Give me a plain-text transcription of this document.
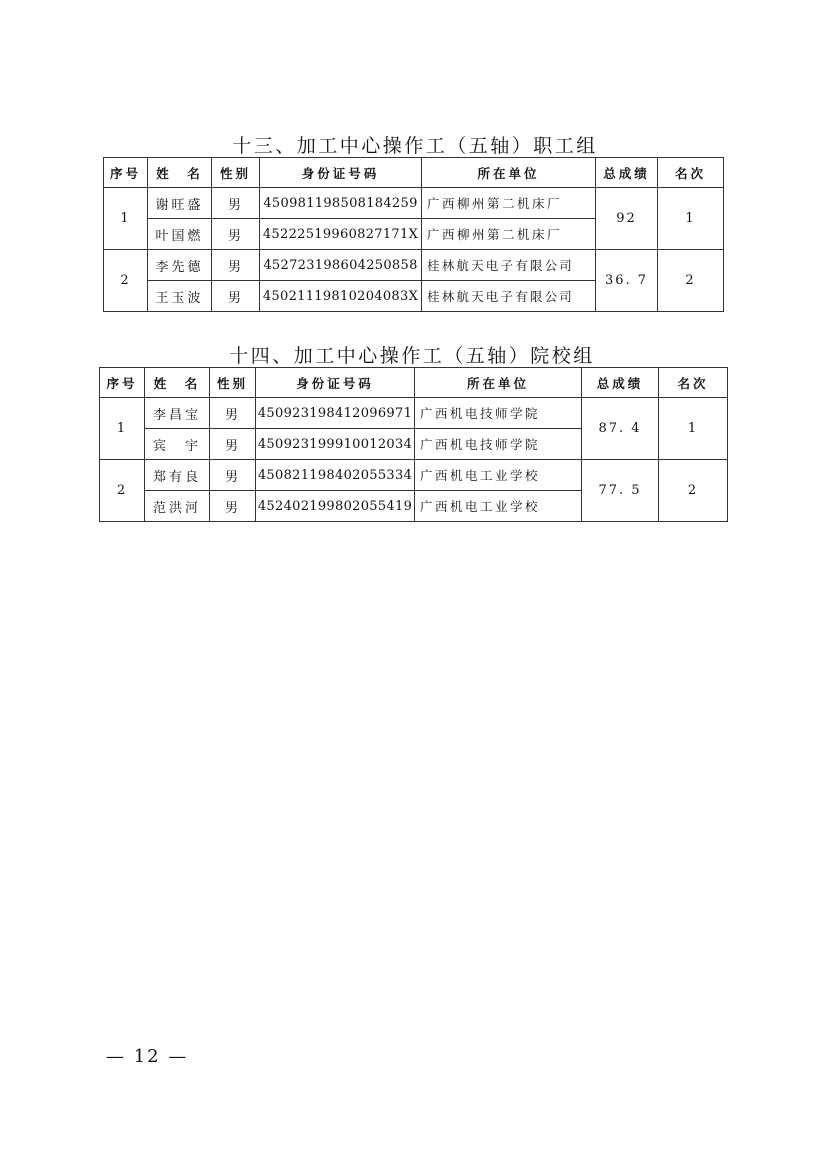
十三、加工中心操作工（五轴）职工组
序号	姓　名	性别	身份证号码	所在单位	总成绩	名次
1	谢旺盛	男	450981198508184259	广西柳州第二机床厂	92	1
	叶国燃	男	45222519960827171X	广西柳州第二机床厂		
2	李先德	男	452723198604250858	桂林航天电子有限公司	36. 7	2
	王玉波	男	45021119810204083X	桂林航天电子有限公司		
十四、加工中心操作工（五轴）院校组
序号	姓　名	性别	身份证号码	所在单位	总成绩	名次
1	李昌宝	男	450923198412096971	广西机电技师学院	87. 4	1
	宾　宇	男	450923199910012034	广西机电技师学院		
2	郑有良	男	450821198402055334	广西机电工业学校	77. 5	2
	范洪河	男	452402199802055419	广西机电工业学校		
— 12 —
